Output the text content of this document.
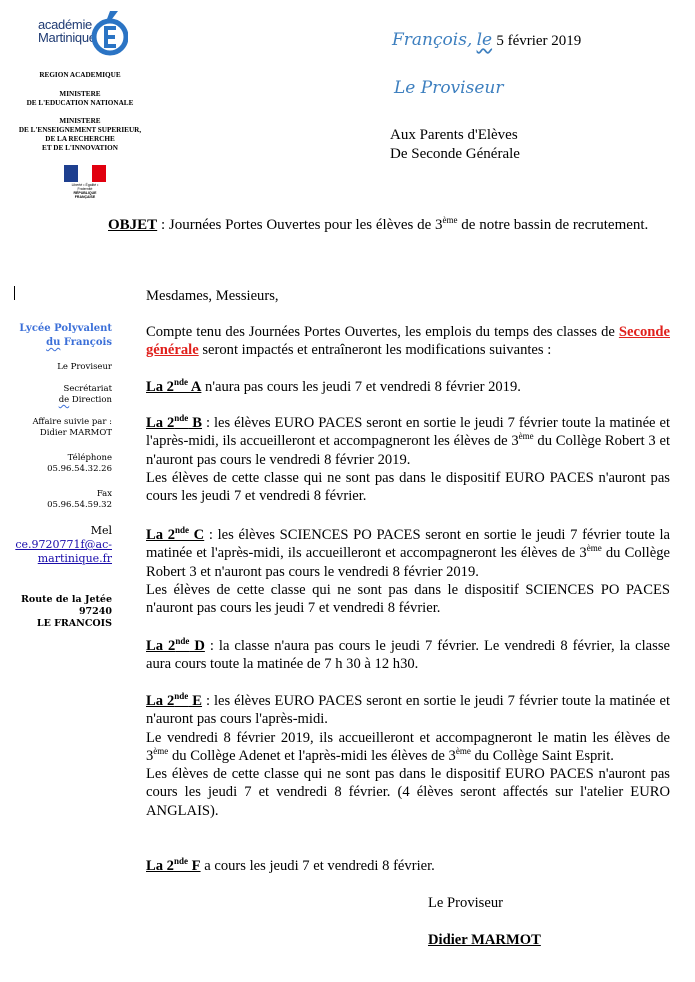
académie
Martinique
REGION ACADEMIQUE
MINISTERE
DE L'EDUCATION NATIONALE
MINISTERE
DE L'ENSEIGNEMENT SUPERIEUR,
DE LA RECHERCHE
ET DE L'INNOVATION
Liberté • Égalité • Fraternité
RÉPUBLIQUE FRANÇAISE
François, le 5 février 2019
Le Proviseur
Aux Parents d'Elèves
De Seconde Générale
OBJET : Journées Portes Ouvertes pour les élèves de 3ème de notre bassin de recrutement.
Lycée Polyvalent
du François
Le Proviseur
Secrétariat
de Direction
Affaire suivie par :
Didier MARMOT
Téléphone
05.96.54.32.26
Fax
05.96.54.59.32
Mel
ce.9720771f@ac-
martinique.fr
Route de la Jetée
97240
LE FRANCOIS
Mesdames, Messieurs,

Compte tenu des Journées Portes Ouvertes, les emplois du temps des classes de Seconde générale seront impactés et entraîneront les modifications suivantes :

La 2nde A n'aura pas cours les jeudi 7 et vendredi 8 février 2019.

La 2nde B : les élèves EURO PACES seront en sortie le jeudi 7 février toute la matinée et l'après-midi, ils accueilleront et accompagneront les élèves de 3ème du Collège Robert 3 et n'auront pas cours le vendredi 8 février 2019.

Les élèves de cette classe qui ne sont pas dans le dispositif EURO PACES n'auront pas cours les jeudi 7 et vendredi 8 février.

La 2nde C : les élèves SCIENCES PO PACES seront en sortie le jeudi 7 février toute la matinée et l'après-midi, ils accueilleront et accompagneront les élèves de 3ème du Collège Robert 3 et n'auront pas cours le vendredi 8 février 2019.

Les élèves de cette classe qui ne sont pas dans le dispositif SCIENCES PO PACES n'auront pas cours les jeudi 7 et vendredi 8 février.

La 2nde D : la classe n'aura pas cours le jeudi 7 février. Le vendredi 8 février, la classe aura cours toute la matinée de 7 h 30 à 12 h30.

La 2nde E : les élèves EURO PACES seront en sortie le jeudi 7 février toute la matinée et n'auront pas cours l'après-midi.

Le vendredi 8 février 2019, ils accueilleront et accompagneront le matin les élèves de 3ème du Collège Adenet et l'après-midi les élèves de 3ème du Collège Saint Esprit.

Les élèves de cette classe qui ne sont pas dans le dispositif EURO PACES n'auront pas cours les jeudi 7 et vendredi 8 février. (4 élèves seront affectés sur l'atelier EURO ANGLAIS).

La 2nde F a cours les jeudi 7 et vendredi 8 février.

Le Proviseur
Didier MARMOT
